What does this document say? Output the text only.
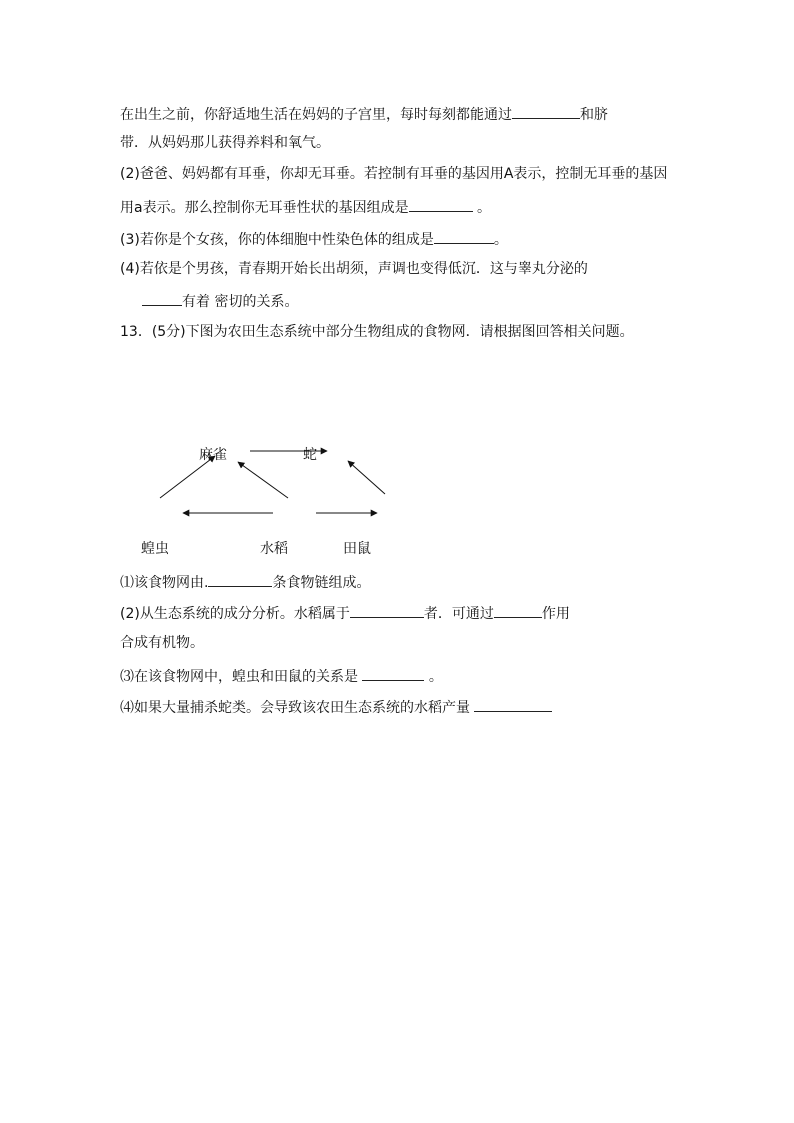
在出生之前，你舒适地生活在妈妈的子宫里，每时每刻都能通过	和脐
带．从妈妈那儿获得养料和氧气。
(2)爸爸、妈妈都有耳垂，你却无耳垂。若控制有耳垂的基因用A表示，控制无耳垂的基因
用a表示。那么控制你无耳垂性状的基因组成是	。
(3)若你是个女孩，你的体细胞中性染色体的组成是	。
(4)若依是个男孩，青春期开始长出胡须，声调也变得低沉．这与睾丸分泌的
有着 密切的关系。
13．(5分)下图为农田生态系统中部分生物组成的食物网．请根据图回答相关问题。
麻雀	蛇
蝗虫	水稻	田鼠
⑴该食物网由.	条食物链组成。
(2)从生态系统的成分分析。水稻属于	者．可通过	作用
合成有机物。
⑶在该食物网中，蝗虫和田鼠的关系是	。
⑷如果大量捕杀蛇类。会导致该农田生态系统的水稻产量
